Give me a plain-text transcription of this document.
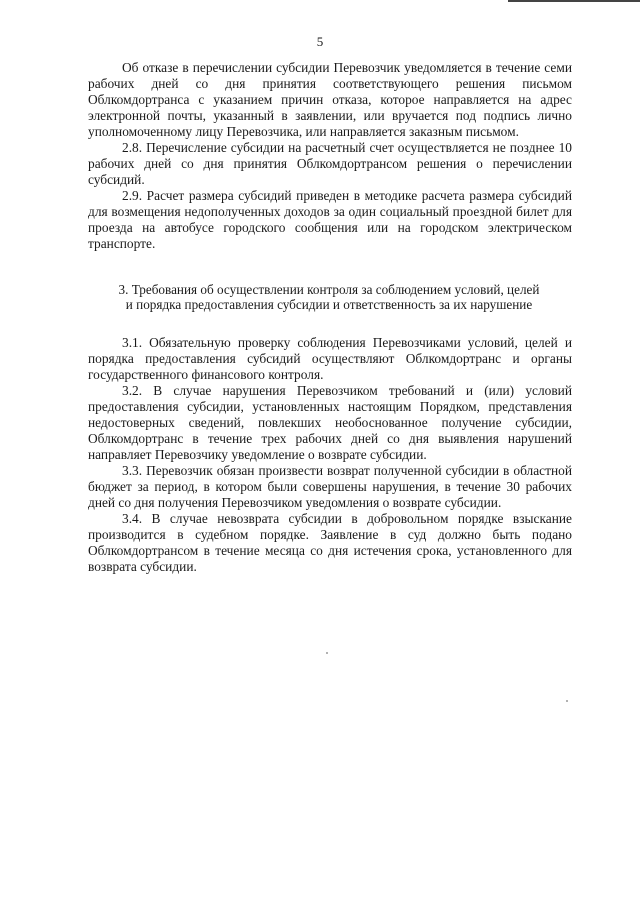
5

Об отказе в перечислении субсидии Перевозчик уведомляется в течение семи рабочих дней со дня принятия соответствующего решения письмом Облкомдортранса с указанием причин отказа, которое направляется на адрес электронной почты, указанный в заявлении, или вручается под подпись лично уполномоченному лицу Перевозчика, или направляется заказным письмом.

2.8. Перечисление субсидии на расчетный счет осуществляется не позднее 10 рабочих дней со дня принятия Облкомдортрансом решения о перечислении субсидий.

2.9. Расчет размера субсидий приведен в методике расчета размера субсидий для возмещения недополученных доходов за один социальный проездной билет для проезда на автобусе городского сообщения или на городском электрическом транспорте.

3. Требования об осуществлении контроля за соблюдением условий, целей
и порядка предоставления субсидии и ответственность за их нарушение

3.1. Обязательную проверку соблюдения Перевозчиками условий, целей и порядка предоставления субсидий осуществляют Облкомдортранс и органы государственного финансового контроля.

3.2. В случае нарушения Перевозчиком требований и (или) условий предоставления субсидии, установленных настоящим Порядком, представления недостоверных сведений, повлекших необоснованное получение субсидии, Облкомдортранс в течение трех рабочих дней со дня выявления нарушений направляет Перевозчику уведомление о возврате субсидии.

3.3. Перевозчик обязан произвести возврат полученной субсидии в областной бюджет за период, в котором были совершены нарушения, в течение 30 рабочих дней со дня получения Перевозчиком уведомления о возврате субсидии.

3.4. В случае невозврата субсидии в добровольном порядке взыскание производится в судебном порядке. Заявление в суд должно быть подано Облкомдортрансом в течение месяца со дня истечения срока, установленного для возврата субсидии.
